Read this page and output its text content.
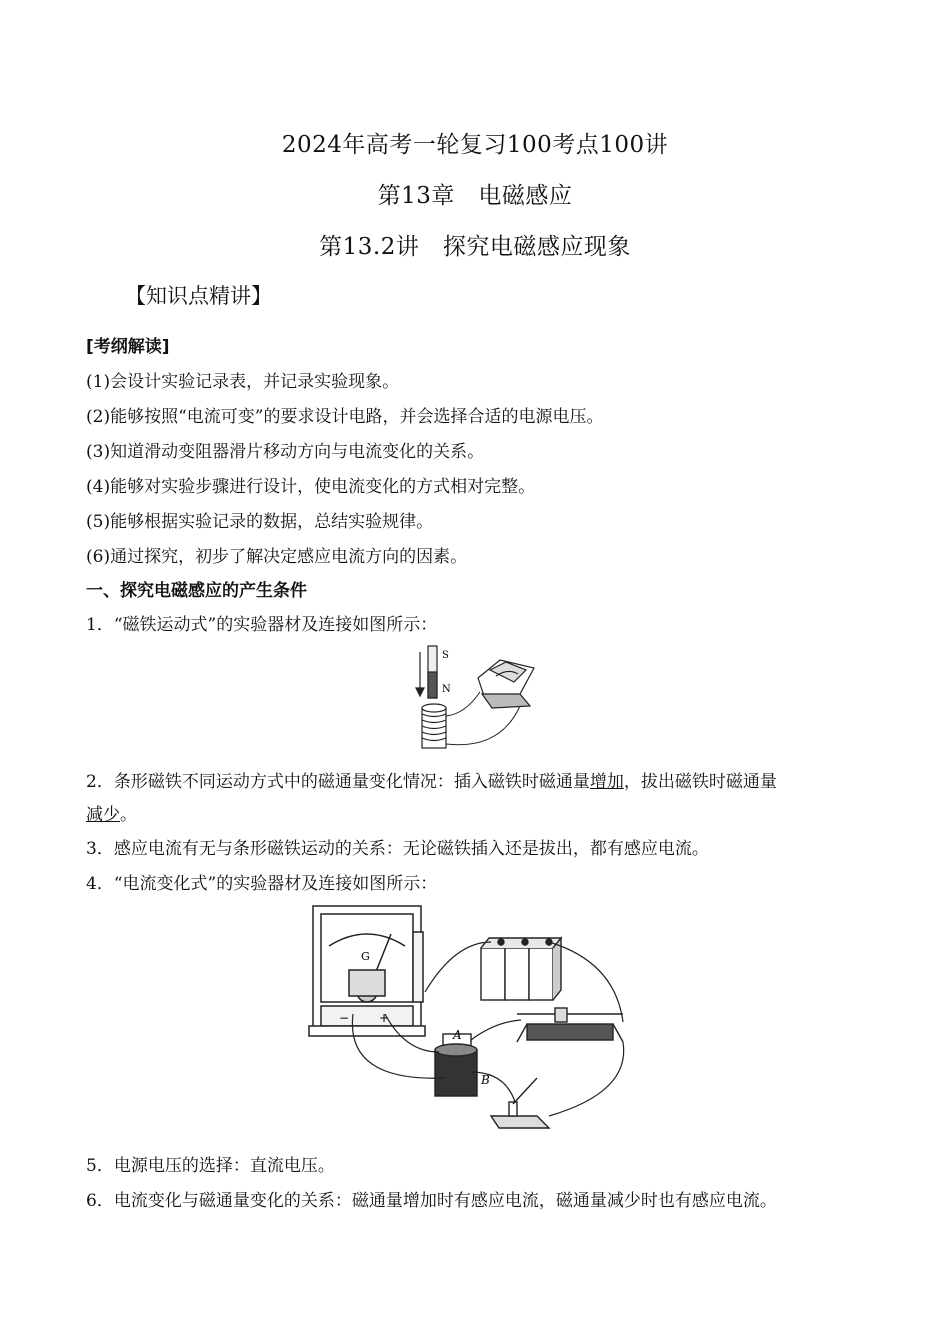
2024年高考一轮复习100考点100讲
第13章　电磁感应
第13.2讲　探究电磁感应现象
【知识点精讲】
[考纲解读]
(1)会设计实验记录表，并记录实验现象。
(2)能够按照“电流可变”的要求设计电路，并会选择合适的电源电压。
(3)知道滑动变阻器滑片移动方向与电流变化的关系。
(4)能够对实验步骤进行设计，使电流变化的方式相对完整。
(5)能够根据实验记录的数据，总结实验规律。
(6)通过探究，初步了解决定感应电流方向的因素。
一、探究电磁感应的产生条件
1．“磁铁运动式”的实验器材及连接如图所示：
S
N
2．条形磁铁不同运动方式中的磁通量变化情况：插入磁铁时磁通量增加，拔出磁铁时磁通量
减少。
3．感应电流有无与条形磁铁运动的关系：无论磁铁插入还是拔出，都有感应电流。
4．“电流变化式”的实验器材及连接如图所示：
G
− +
A
B
5．电源电压的选择：直流电压。
6．电流变化与磁通量变化的关系：磁通量增加时有感应电流，磁通量减少时也有感应电流。
